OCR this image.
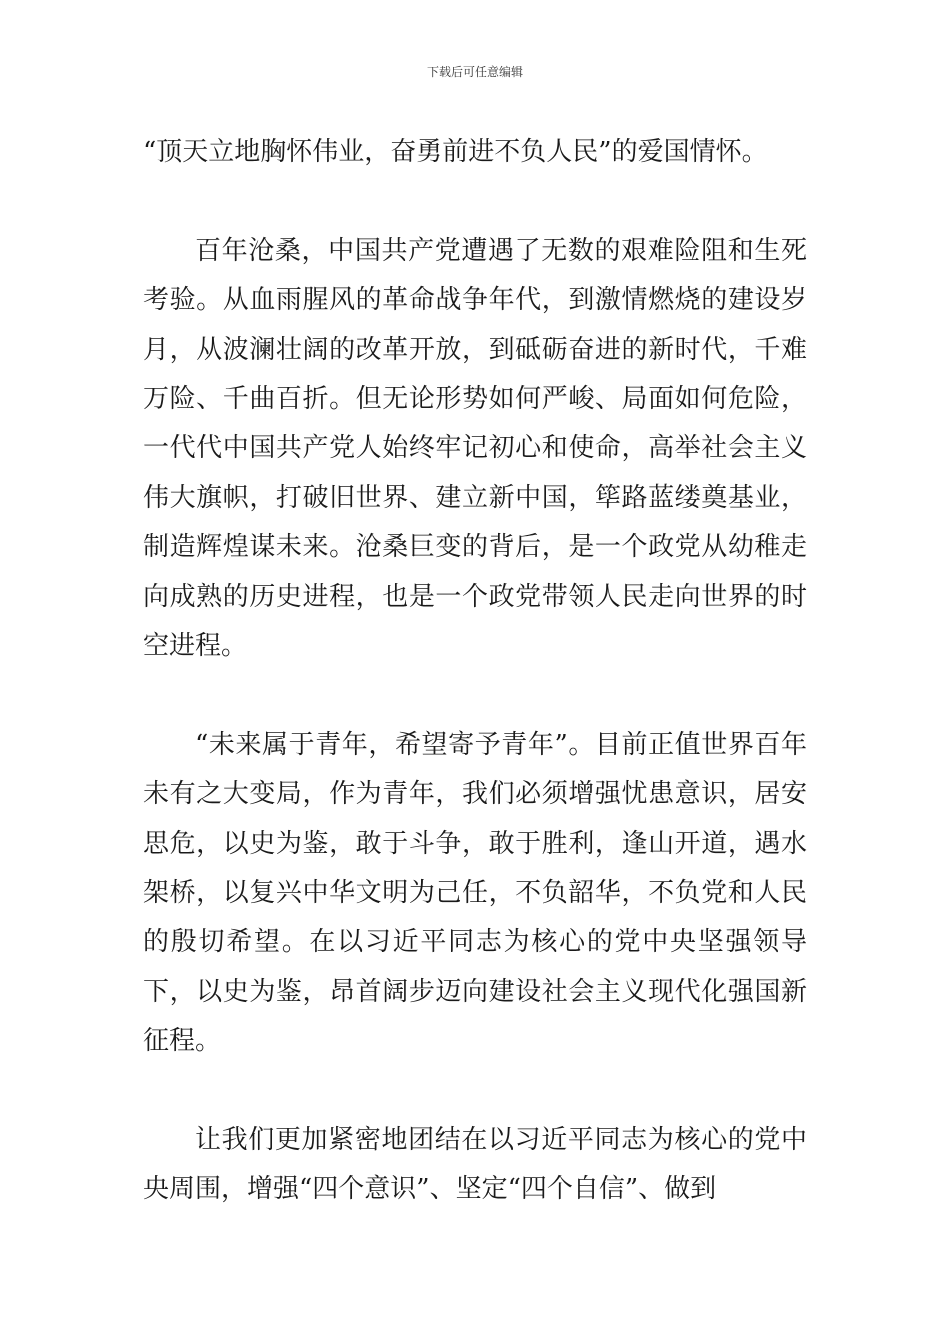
下载后可任意编辑

“顶天立地胸怀伟业，奋勇前进不负人民”的爱国情怀。

百年沧桑，中国共产党遭遇了无数的艰难险阻和生死考验。从血雨腥风的革命战争年代，到激情燃烧的建设岁月，从波澜壮阔的改革开放，到砥砺奋进的新时代，千难万险、千曲百折。但无论形势如何严峻、局面如何危险，一代代中国共产党人始终牢记初心和使命，高举社会主义伟大旗帜，打破旧世界、建立新中国，筚路蓝缕奠基业，制造辉煌谋未来。沧桑巨变的背后，是一个政党从幼稚走向成熟的历史进程，也是一个政党带领人民走向世界的时空进程。

“未来属于青年，希望寄予青年”。目前正值世界百年未有之大变局，作为青年，我们必须增强忧患意识，居安思危，以史为鉴，敢于斗争，敢于胜利，逢山开道，遇水架桥，以复兴中华文明为己任，不负韶华，不负党和人民的殷切希望。在以习近平同志为核心的党中央坚强领导下，以史为鉴，昂首阔步迈向建设社会主义现代化强国新征程。

让我们更加紧密地团结在以习近平同志为核心的党中央周围，增强“四个意识”、坚定“四个自信”、做到
